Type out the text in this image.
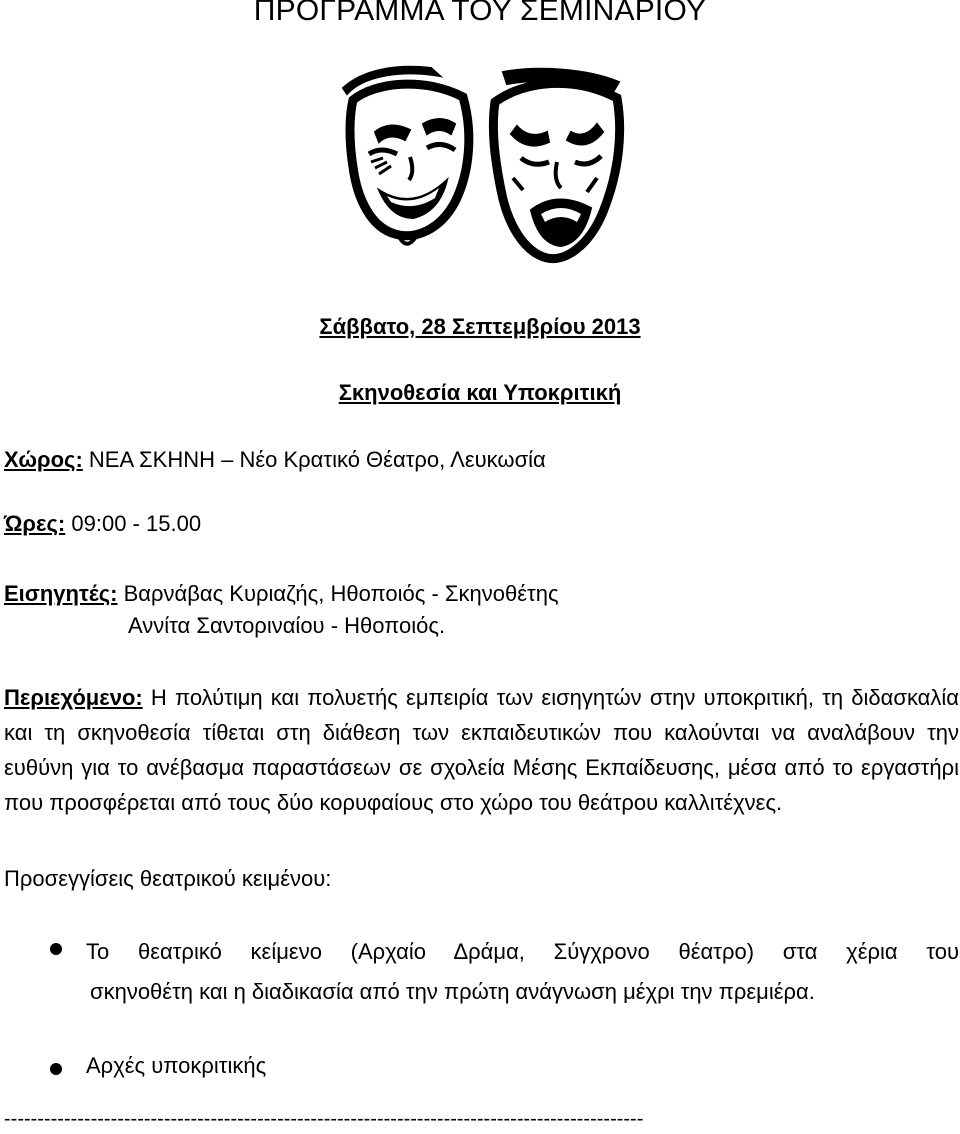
ΠΡΟΓΡΑΜΜΑ ΤΟΥ ΣΕΜΙΝΑΡΙΟΥ
Σάββατο, 28 Σεπτεμβρίου 2013
Σκηνοθεσία και Υποκριτική
Χώρος: ΝΕΑ ΣΚΗΝΗ – Νέο Κρατικό Θέατρο, Λευκωσία
Ώρες: 09:00 - 15.00
Εισηγητές: Βαρνάβας Κυριαζής, Ηθοποιός - Σκηνοθέτης
Αννίτα Σαντοριναίου - Ηθοποιός.

Περιεχόμενο: Η πολύτιμη και πολυετής εμπειρία των εισηγητών στην υποκριτική, τη διδασκαλία και τη σκηνοθεσία τίθεται στη διάθεση των εκπαιδευτικών που καλούνται να αναλάβουν την ευθύνη για το ανέβασμα παραστάσεων σε σχολεία Μέσης Εκπαίδευσης, μέσα από το εργαστήρι που προσφέρεται από τους δύο κορυφαίους στο χώρο του θεάτρου καλλιτέχνες.

Προσεγγίσεις θεατρικού κειμένου:
Το θεατρικό κείμενο (Αρχαίο Δράμα, Σύγχρονο θέατρο) στα χέρια του
σκηνοθέτη και η διαδικασία από την πρώτη ανάγνωση μέχρι την πρεμιέρα.
Αρχές υποκριτικής
------------------------------------------------------------------------------------------------
